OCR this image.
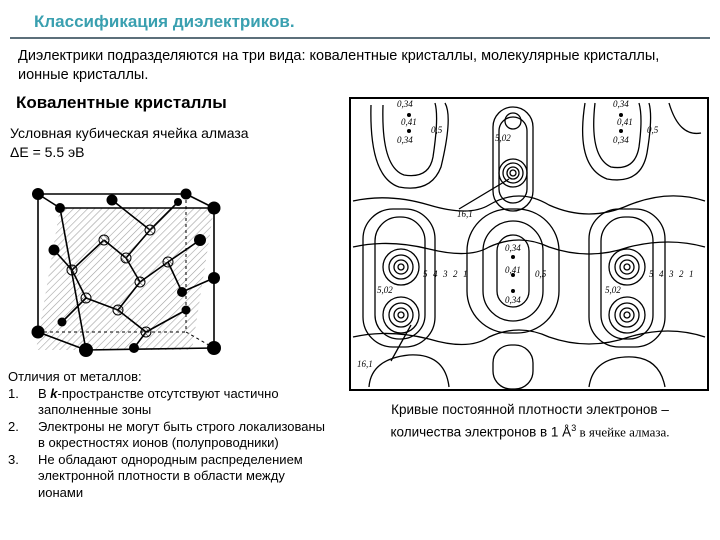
Классификация диэлектриков.
Диэлектрики подразделяются на три вида: ковалентные кристаллы, молекулярные кристаллы, ионные кристаллы.
Ковалентные кристаллы
Условная кубическая ячейка алмаза
ΔE = 5.5 эВ
0,34
0,41
0,34
0,5
0,34
0,41
0,34
0,5
5,02
16,1
0,34
0,41
0,34
0,5
5,02	5,02
16,1
5 4 3 2 1	5 4 3 2 1

Отличия от металлов:

1. В k-пространстве отсутствуют частично заполненные зоны
2. Электроны не могут быть строго локализованы в окрестностях ионов (полупроводники)
3. Не обладают однородным распределением электронной плотности в области между ионами
Кривые постоянной плотности электронов –
количества электронов в 1 $Å^3$ в ячейке алмаза.
